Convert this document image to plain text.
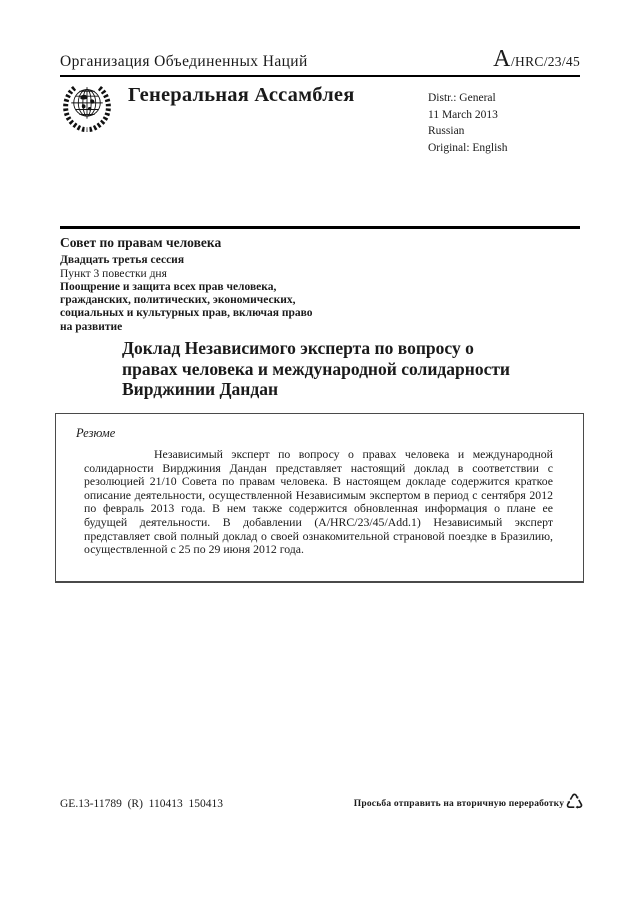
Организация Объединенных Наций	A /HRC/23/45
Генеральная Ассамблея	Distr.: General
11 March 2013
Russian
Original: English

Совет по правам человека

Двадцать третья сессия

Пункт 3 повестки дня

Поощрение и защита всех прав человека, гражданских, политических, экономических, социальных и культурных прав, включая право на развитие

Доклад Независимого эксперта по вопросу о правах человека и международной солидарности Вирджинии Дандан
Резюме

Независимый эксперт по вопросу о правах человека и международной солидарности Вирджиния Дандан представляет настоящий доклад в соответствии с резолюцией 21/10 Совета по правам человека. В настоящем докладе содержится краткое описание деятельности, осуществленной Независимым экспертом в период с сентября 2012 по февраль 2013 года. В нем также содержится обновленная информация о плане ее будущей деятельности. В добавлении (A/HRC/23/45/Add.1) Независимый эксперт представляет свой полный доклад о своей ознакомительной страновой поездке в Бразилию, осуществленной с 25 по 29 июня 2012 года.

GE.13-11789  (R)  110413  150413	Просьба отправить на вторичную переработку ♺
